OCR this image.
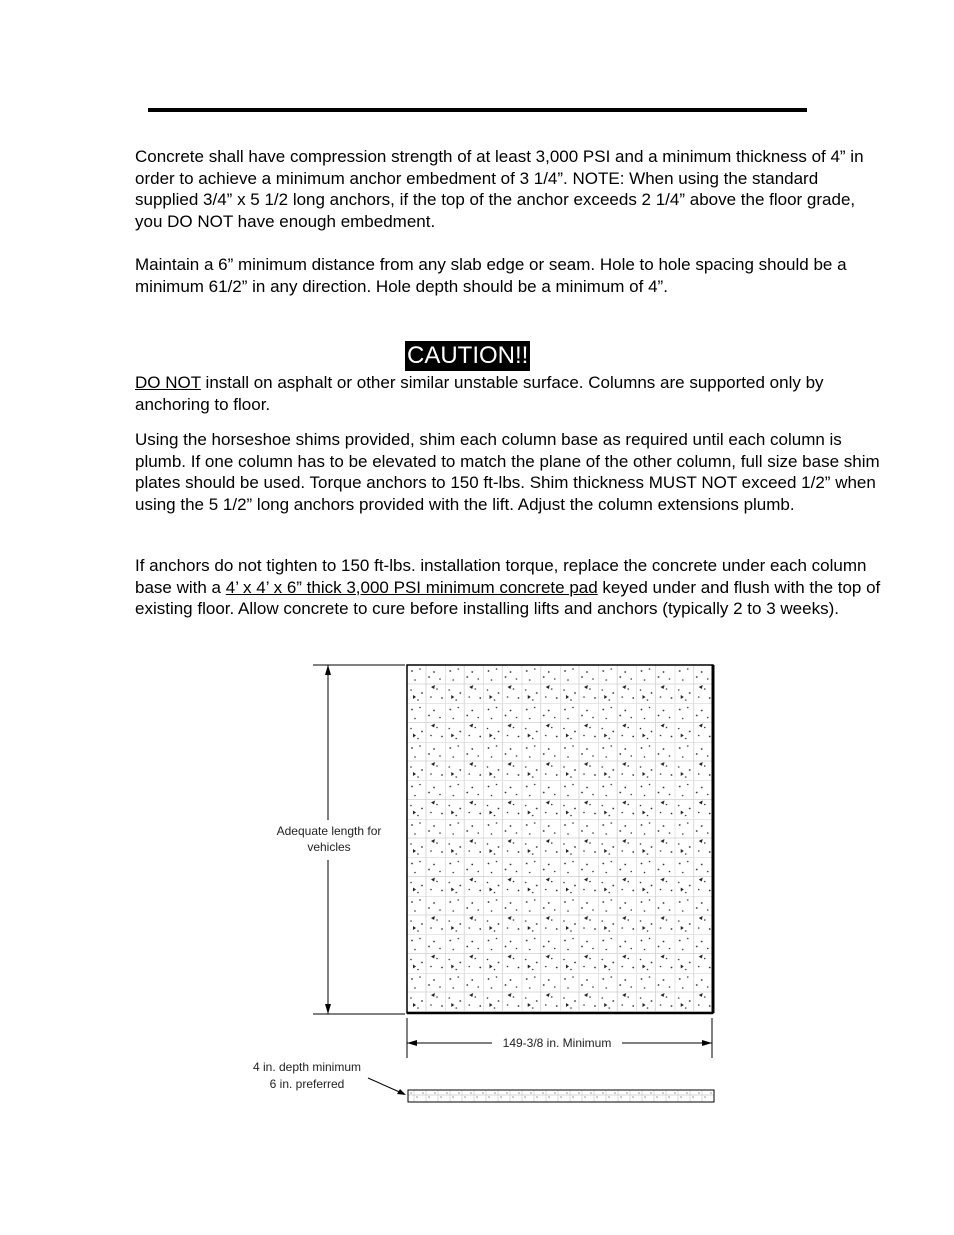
Concrete shall have compression strength of at least 3,000 PSI and a minimum thickness of 4” in order to achieve a minimum anchor embedment of 3 1/4”. NOTE: When using the standard supplied 3/4” x 5 1/2 long anchors, if the top of the anchor exceeds 2 1/4” above the floor grade, you DO NOT have enough embedment.

Maintain a 6” minimum distance from any slab edge or seam. Hole to hole spacing should be a minimum 61/2” in any direction. Hole depth should be a minimum of 4”.

CAUTION!!

DO NOT install on asphalt or other similar unstable surface. Columns are supported only by anchoring to floor.

Using the horseshoe shims provided, shim each column base as required until each column is plumb. If one column has to be elevated to match the plane of the other column, full size base shim plates should be used. Torque anchors to 150 ft-lbs. Shim thickness MUST NOT exceed 1/2” when using the 5 1/2” long anchors provided with the lift. Adjust the column extensions plumb.

If anchors do not tighten to 150 ft-lbs. installation torque, replace the concrete under each column base with a 4’ x 4’ x 6” thick 3,000 PSI minimum concrete pad keyed under and flush with the top of existing floor. Allow concrete to cure before installing lifts and anchors (typically 2 to 3 weeks).

Adequate length for
vehicles
149-3/8 in. Minimum
4 in. depth minimum
6 in. preferred
